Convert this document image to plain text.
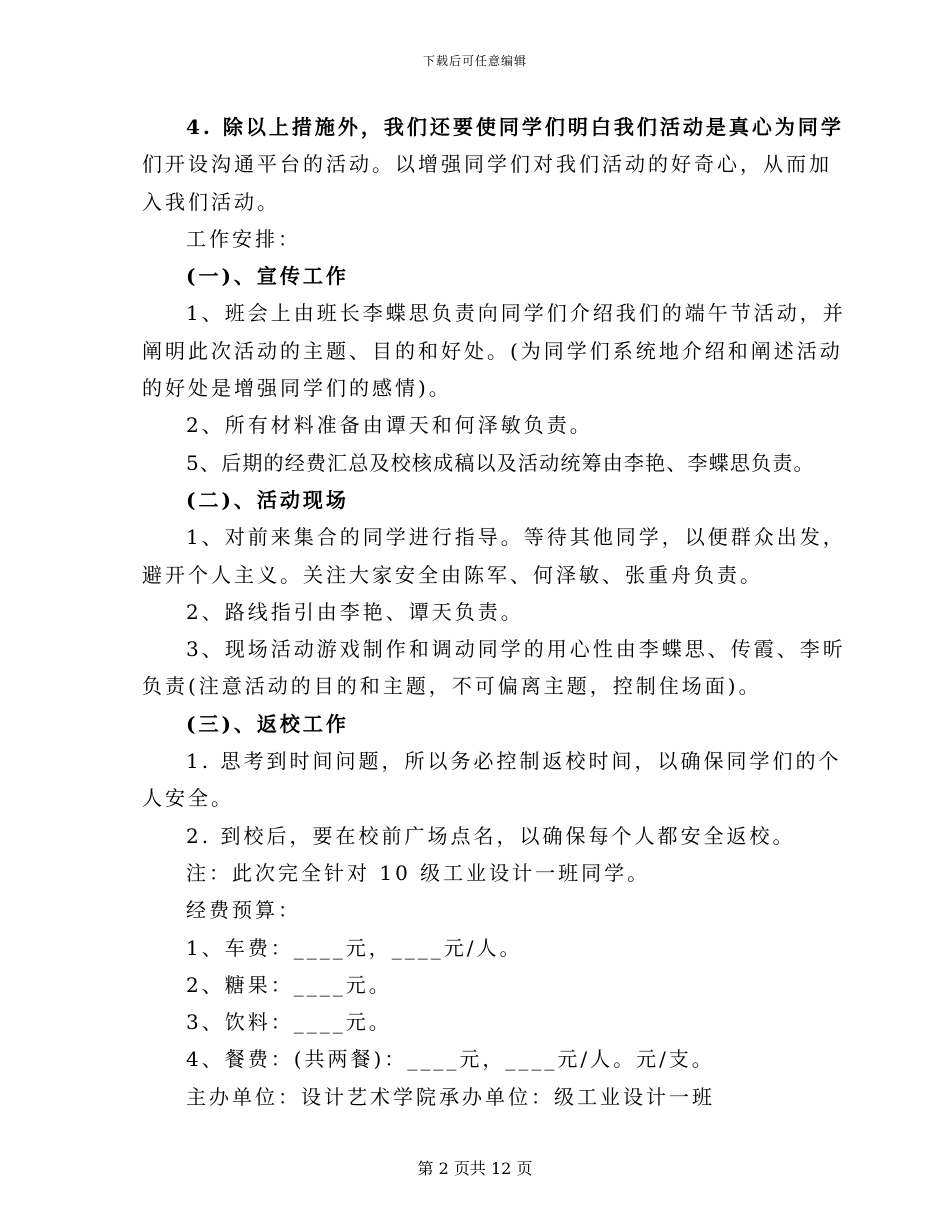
下载后可任意编辑
4. 除以上措施外，我们还要使同学们明白我们活动是真心为同学
们开设沟通平台的活动。以增强同学们对我们活动的好奇心，从而加
入我们活动。
工作安排：
(一)、宣传工作
1、班会上由班长李蝶思负责向同学们介绍我们的端午节活动，并
阐明此次活动的主题、目的和好处。(为同学们系统地介绍和阐述活动
的好处是增强同学们的感情)。
2、所有材料准备由谭天和何泽敏负责。
5、后期的经费汇总及校核成稿以及活动统筹由李艳、李蝶思负责。
(二)、活动现场
1、对前来集合的同学进行指导。等待其他同学，以便群众出发，
避开个人主义。关注大家安全由陈军、何泽敏、张重舟负责。
2、路线指引由李艳、谭天负责。
3、现场活动游戏制作和调动同学的用心性由李蝶思、传霞、李昕
负责(注意活动的目的和主题，不可偏离主题，控制住场面)。
(三)、返校工作
1. 思考到时间问题，所以务必控制返校时间，以确保同学们的个
人安全。
2. 到校后，要在校前广场点名，以确保每个人都安全返校。
注：此次完全针对 10 级工业设计一班同学。
经费预算：
1、车费：____元，____元/人。
2、糖果：____元。
3、饮料：____元。
4、餐费：(共两餐)：____元，____元/人。元/支。
主办单位：设计艺术学院承办单位：级工业设计一班
第 2 页共 12 页
